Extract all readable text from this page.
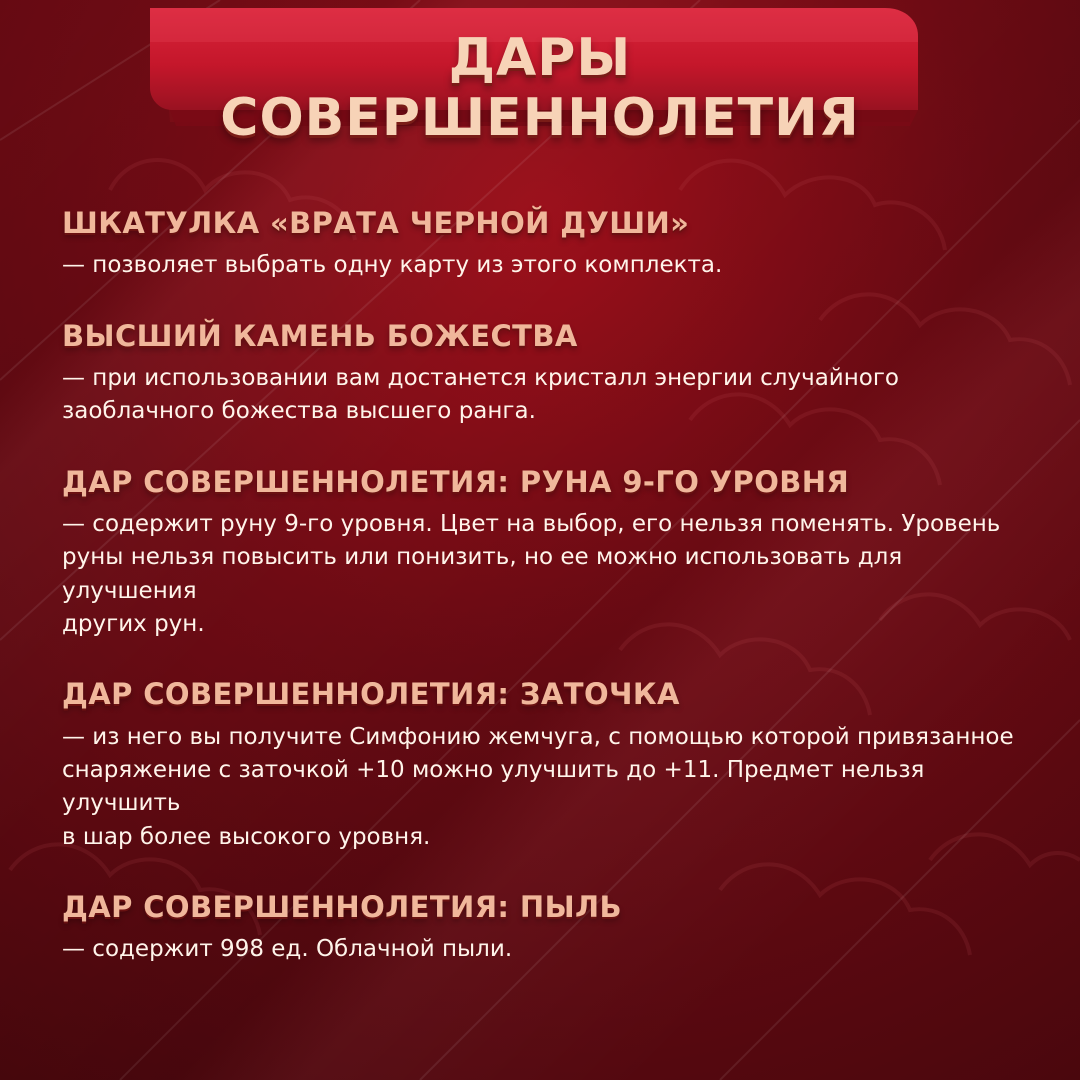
ДАРЫ СОВЕРШЕННОЛЕТИЯ
ШКАТУЛКА «ВРАТА ЧЕРНОЙ ДУШИ»
— позволяет выбрать одну карту из этого комплекта.
ВЫСШИЙ КАМЕНЬ БОЖЕСТВА
— при использовании вам достанется кристалл энергии случайного
заоблачного божества высшего ранга.
ДАР СОВЕРШЕННОЛЕТИЯ: РУНА 9-ГО УРОВНЯ
— содержит руну 9-го уровня. Цвет на выбор, его нельзя поменять. Уровень
руны нельзя повысить или понизить, но ее можно использовать для улучшения
других рун.
ДАР СОВЕРШЕННОЛЕТИЯ: ЗАТОЧКА
— из него вы получите Симфонию жемчуга, с помощью которой привязанное
снаряжение с заточкой +10 можно улучшить до +11. Предмет нельзя улучшить
в шар более высокого уровня.
ДАР СОВЕРШЕННОЛЕТИЯ: ПЫЛЬ
— содержит 998 ед. Облачной пыли.
